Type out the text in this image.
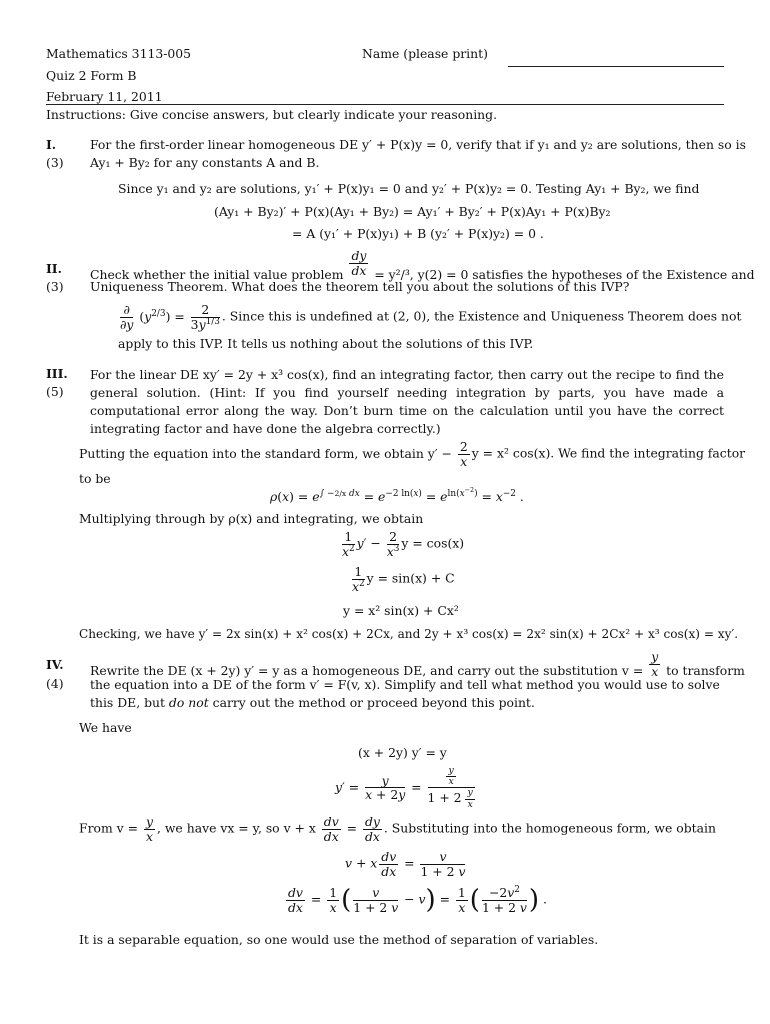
Mathematics 3113-005	Name (please print)
Quiz 2 Form B
February 11, 2011
Instructions: Give concise answers, but clearly indicate your reasoning.
I.
(3)
For the first-order linear homogeneous DE y′ + P(x)y = 0, verify that if y₁ and y₂ are solutions, then so is
Ay₁ + By₂ for any constants A and B.
Since y₁ and y₂ are solutions, y₁′ + P(x)y₁ = 0 and y₂′ + P(x)y₂ = 0. Testing Ay₁ + By₂, we find
(Ay₁ + By₂)′ + P(x)(Ay₁ + By₂) = Ay₁′ + By₂′ + P(x)Ay₁ + P(x)By₂
= A (y₁′ + P(x)y₁) + B (y₂′ + P(x)y₂) = 0 .
II.
(3)
Check whether the initial value problem $\frac{dy}{dx} = y^2/^3$, y(2) = 0 satisfies the hypotheses of the Existence and
Uniqueness Theorem. What does the theorem tell you about the solutions of this IVP?
$\frac{\partial}{\partial y} (y^{2/3}) = \frac{2}{3y^{1/3}}$ . Since this is undefined at (2, 0), the Existence and Uniqueness Theorem does not
apply to this IVP. It tells us nothing about the solutions of this IVP.
III.
(5)
For the linear DE xy′ = 2y + x³ cos(x), find an integrating factor, then carry out the recipe to find the general solution. (Hint: If you find yourself needing integration by parts, you have made a computational error along the way. Don’t burn time on the calculation until you have the correct integrating factor and have done the algebra correctly.)
Putting the equation into the standard form, we obtain $y' - \frac{2}{x}$ y = x² cos(x). We find the integrating factor
to be
$\rho(x) = e^{\int -2/x dx} = e^{-2 ln(x)} = e^{ln(x^{-2})} = x^{-2}$ .
Multiplying through by ρ(x) and integrating, we obtain
$\frac{1}{x^2} y' - \frac{2}{x^3}$ y = cos(x)
$\frac{1}{x^2}$ y = sin(x) + C
y = x² sin(x) + Cx²
Checking, we have y′ = 2x sin(x) + x² cos(x) + 2Cx, and 2y + x³ cos(x) = 2x² sin(x) + 2Cx² + x³ cos(x) = xy′.
IV.
(4)
Rewrite the DE (x + 2y) y′ = y as a homogeneous DE, and carry out the substitution $v = \frac{y}{x}$ to transform
the equation into a DE of the form v′ = F(v, x). Simplify and tell what method you would use to solve
this DE, but do not carry out the method or proceed beyond this point.
We have
(x + 2y) y′ = y
$y' = \frac{y}{x + 2y} = \frac{\frac{y}{x}}{1 + 2 \frac{y}{x}}$
From $v = \frac{y}{x}$ , we have vx = y, so v + x $\frac{dv}{dx} = \frac{dy}{dx}$ . Substituting into the homogeneous form, we obtain
v + x $\frac{dv}{dx} = \frac{v}{1 + 2 v}$
$\frac{dv}{dx} = \frac{1}{x}$ ( $\frac{v}{1 + 2 v} - v) = \frac{1}{x}$ ( $\frac{-2v^2}{1 + 2 v}$ ) .
It is a separable equation, so one would use the method of separation of variables.
